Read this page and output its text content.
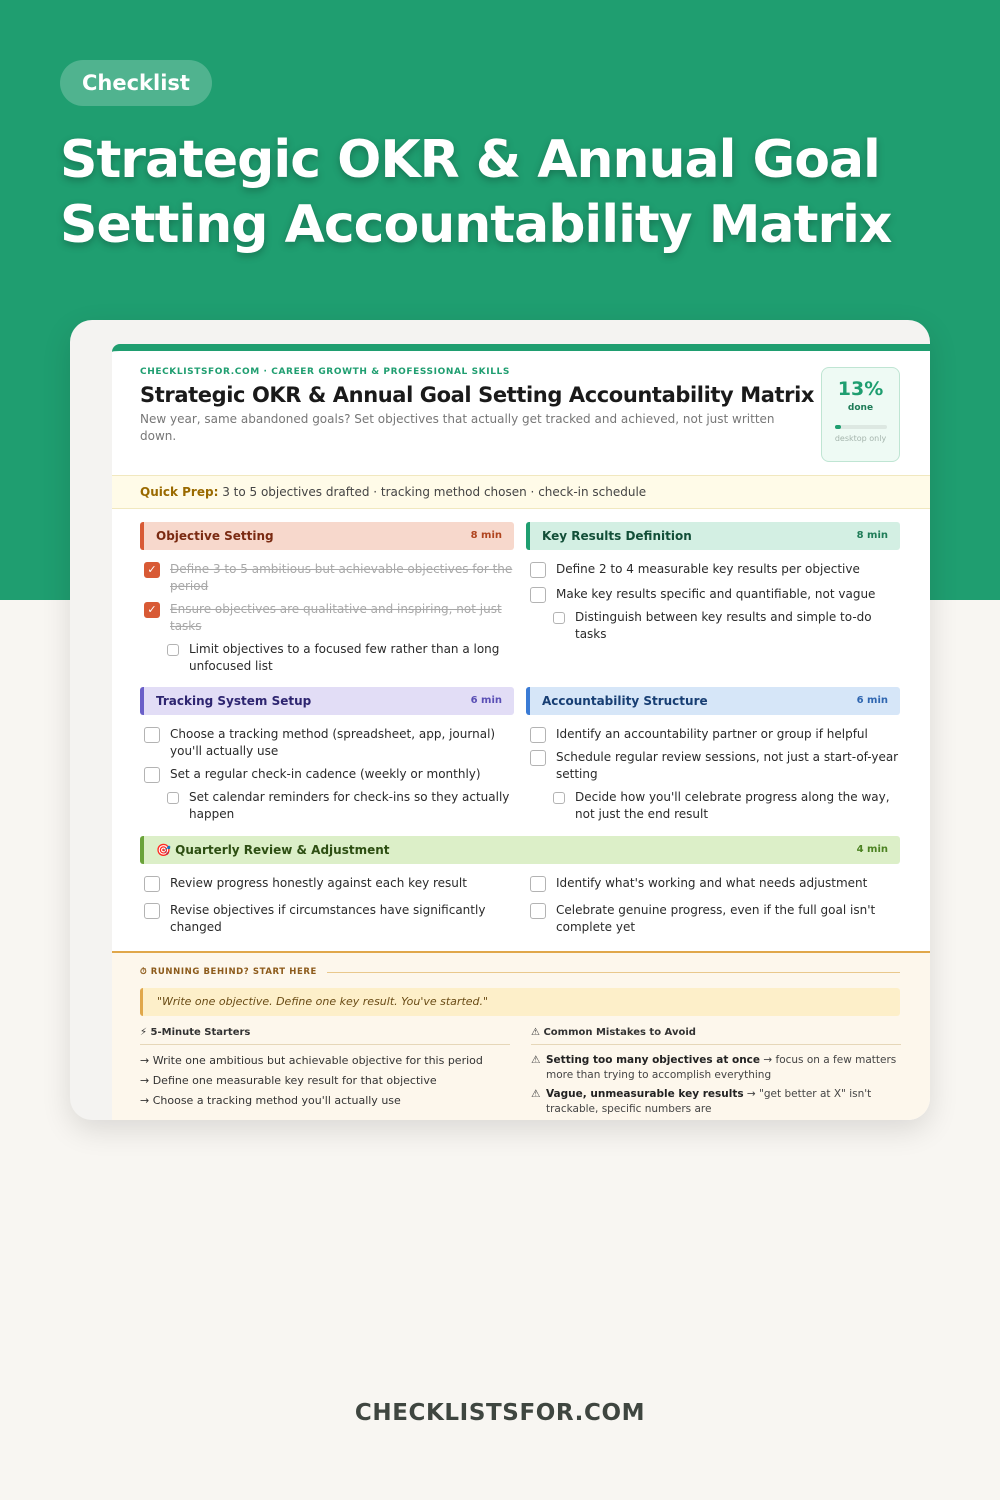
Checklist
Strategic OKR & Annual Goal Setting Accountability Matrix
CHECKLISTSFOR.COM · CAREER GROWTH & PROFESSIONAL SKILLS
Strategic OKR & Annual Goal Setting Accountability Matrix
New year, same abandoned goals? Set objectives that actually get tracked and achieved, not just written down.
13%
done
desktop only
Quick Prep: 3 to 5 objectives drafted · tracking method chosen · check-in schedule
Objective Setting	8 min
✓
Define 3 to 5 ambitious but achievable objectives for the period
✓
Ensure objectives are qualitative and inspiring, not just tasks
Limit objectives to a focused few rather than a long unfocused list
Key Results Definition	8 min
Define 2 to 4 measurable key results per objective
Make key results specific and quantifiable, not vague
Distinguish between key results and simple to-do tasks
Tracking System Setup	6 min
Choose a tracking method (spreadsheet, app, journal) you'll actually use
Set a regular check-in cadence (weekly or monthly)
Set calendar reminders for check-ins so they actually happen
Accountability Structure	6 min
Identify an accountability partner or group if helpful
Schedule regular review sessions, not just a start-of-year setting
Decide how you'll celebrate progress along the way, not just the end result
🎯 Quarterly Review & Adjustment	4 min
Review progress honestly against each key result
Revise objectives if circumstances have significantly changed
Identify what's working and what needs adjustment
Celebrate genuine progress, even if the full goal isn't complete yet
⏱ RUNNING BEHIND? START HERE
"Write one objective. Define one key result. You've started."
⚡ 5-Minute Starters
→ Write one ambitious but achievable objective for this period
→ Define one measurable key result for that objective
→ Choose a tracking method you'll actually use
⚠ Common Mistakes to Avoid
⚠ Setting too many objectives at once → focus on a few matters more than trying to accomplish everything
⚠ Vague, unmeasurable key results → "get better at X" isn't trackable, specific numbers are
CHECKLISTSFOR.COM
